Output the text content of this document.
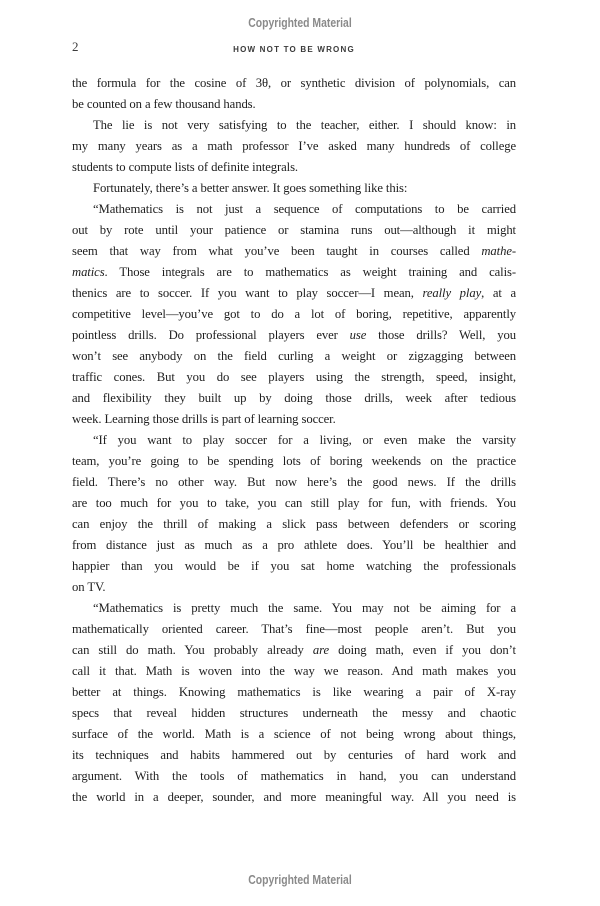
Copyrighted Material
2	HOW NOT TO BE WRONG
the formula for the cosine of 3θ, or synthetic division of polynomials, can
be counted on a few thousand hands.
The lie is not very satisfying to the teacher, either. I should know: in
my many years as a math professor I’ve asked many hundreds of college
students to compute lists of definite integrals.
Fortunately, there’s a better answer. It goes something like this:
“Mathematics is not just a sequence of computations to be carried
out by rote until your patience or stamina runs out—although it might
seem that way from what you’ve been taught in courses called mathe-
matics. Those integrals are to mathematics as weight training and calis-
thenics are to soccer. If you want to play soccer—I mean, really play, at a
competitive level—you’ve got to do a lot of boring, repetitive, apparently
pointless drills. Do professional players ever use those drills? Well, you
won’t see anybody on the field curling a weight or zigzagging between
traffic cones. But you do see players using the strength, speed, insight,
and flexibility they built up by doing those drills, week after tedious
week. Learning those drills is part of learning soccer.
“If you want to play soccer for a living, or even make the varsity
team, you’re going to be spending lots of boring weekends on the practice
field. There’s no other way. But now here’s the good news. If the drills
are too much for you to take, you can still play for fun, with friends. You
can enjoy the thrill of making a slick pass between defenders or scoring
from distance just as much as a pro athlete does. You’ll be healthier and
happier than you would be if you sat home watching the professionals
on TV.
“Mathematics is pretty much the same. You may not be aiming for a
mathematically oriented career. That’s fine—most people aren’t. But you
can still do math. You probably already are doing math, even if you don’t
call it that. Math is woven into the way we reason. And math makes you
better at things. Knowing mathematics is like wearing a pair of X-ray
specs that reveal hidden structures underneath the messy and chaotic
surface of the world. Math is a science of not being wrong about things,
its techniques and habits hammered out by centuries of hard work and
argument. With the tools of mathematics in hand, you can understand
the world in a deeper, sounder, and more meaningful way. All you need is
Copyrighted Material
